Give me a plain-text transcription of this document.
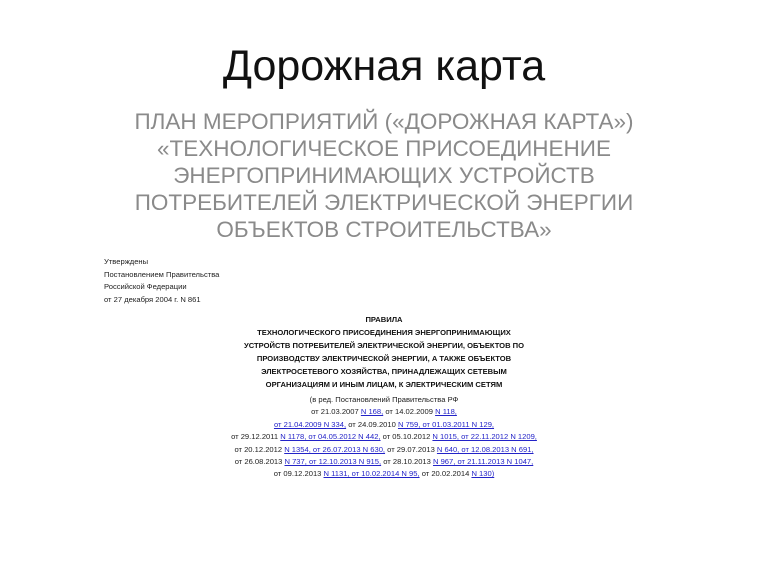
Дорожная карта
ПЛАН МЕРОПРИЯТИЙ («ДОРОЖНАЯ КАРТА»)
«ТЕХНОЛОГИЧЕСКОЕ ПРИСОЕДИНЕНИЕ
ЭНЕРГОПРИНИМАЮЩИХ УСТРОЙСТВ
ПОТРЕБИТЕЛЕЙ ЭЛЕКТРИЧЕСКОЙ ЭНЕРГИИ
ОБЪЕКТОВ СТРОИТЕЛЬСТВА»
Утверждены
Постановлением Правительства
Российской Федерации
от 27 декабря 2004 г. N 861
ПРАВИЛА
ТЕХНОЛОГИЧЕСКОГО ПРИСОЕДИНЕНИЯ ЭНЕРГОПРИНИМАЮЩИХ
УСТРОЙСТВ ПОТРЕБИТЕЛЕЙ ЭЛЕКТРИЧЕСКОЙ ЭНЕРГИИ, ОБЪЕКТОВ ПО
ПРОИЗВОДСТВУ ЭЛЕКТРИЧЕСКОЙ ЭНЕРГИИ, А ТАКЖЕ ОБЪЕКТОВ
ЭЛЕКТРОСЕТЕВОГО ХОЗЯЙСТВА, ПРИНАДЛЕЖАЩИХ СЕТЕВЫМ
ОРГАНИЗАЦИЯМ И ИНЫМ ЛИЦАМ, К ЭЛЕКТРИЧЕСКИМ СЕТЯМ
(в ред. Постановлений Правительства РФ
от 21.03.2007 N 168, от 14.02.2009 N 118,
от 21.04.2009 N 334, от 24.09.2010 N 759, от 01.03.2011 N 129,
от 29.12.2011 N 1178, от 04.05.2012 N 442, от 05.10.2012 N 1015, от 22.11.2012 N 1209,
от 20.12.2012 N 1354, от 26.07.2013 N 630, от 29.07.2013 N 640, от 12.08.2013 N 691,
от 26.08.2013 N 737, от 12.10.2013 N 915, от 28.10.2013 N 967, от 21.11.2013 N 1047,
от 09.12.2013 N 1131, от 10.02.2014 N 95, от 20.02.2014 N 130)
